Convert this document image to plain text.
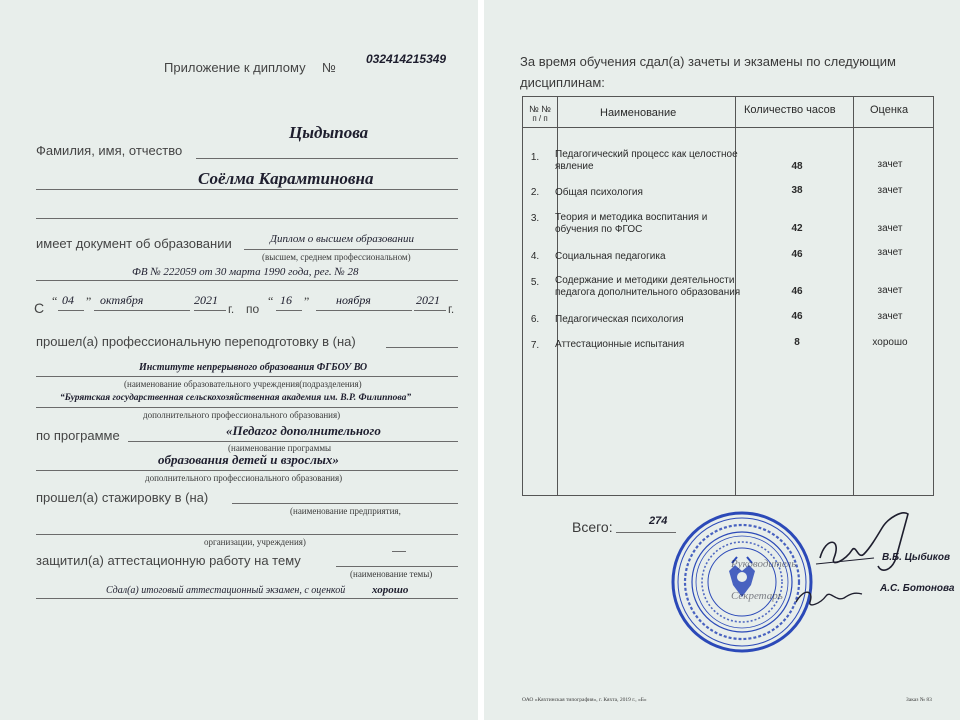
Приложение к диплому №
032414215349
Цыдыпова
Фамилия, имя, отчество
Соёлма Карамтиновна
имеет документ об образовании	Диплом о высшем образовании
(высшем, среднем профессиональном)
ФВ № 222059 от 30 марта 1990 года, рег. № 28
С “ 04 ” октября	2021
г. по
“ 16 ” ноября	2021
г.
прошел(а) профессиональную переподготовку в (на)
Институте непрерывного образования ФГБОУ ВО
(наименование образовательного учреждения(подразделения)
“Бурятская государственная сельскохозяйственная академия им. В.Р. Филиппова”
дополнительного профессионального образования)
по программе	«Педагог дополнительного
(наименование программы
образования детей и взрослых»
дополнительного профессионального образования)
прошел(а) стажировку в (на)
(наименование предприятия,
организации, учреждения)
защитил(а) аттестационную работу на тему
(наименование темы)
Сдал(а) итоговый аттестационный экзамен, с оценкой хорошо
За время обучения сдал(а) зачеты и экзамены по следующим
дисциплинам:
№ №
п / п	Наименование	Количество часов	Оценка
1.	Педагогический процесс как целостное
явление	48	зачет
2.	Общая психология	38	зачет
3.	Теория и методика воспитания и
обучения по ФГОС	42	зачет
4.	Социальная педагогика	46	зачет
5.	Содержание и методики деятельности
педагога дополнительного образования	46	зачет
6.	Педагогическая психология	46	зачет
7.	Аттестационные испытания	8	хорошо
Всего:	274
Руководитель
Секретарь
В.Б. Цыбиков
А.С. Ботонова
ОАО «Кяхтинская типография», г. Кяхта, 2019 г., «Б»	Заказ № 83
